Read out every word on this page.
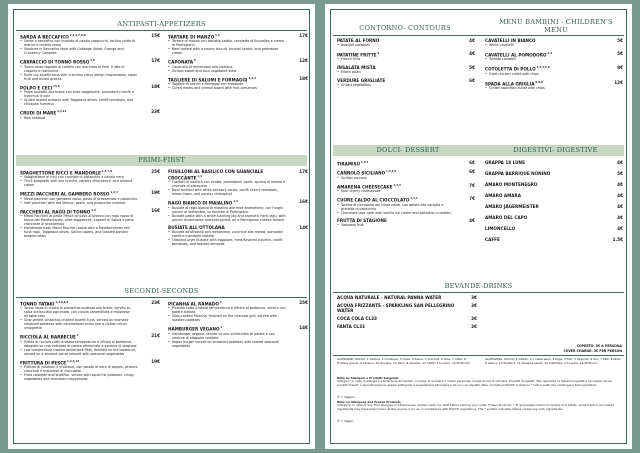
ANTIPASTI-APPETIZERS
SARDA A BECCAFICO $^{1,2,4,7,8,9}$	15€
• Sarde a beccafico con insalata di cavolo cappuccio, tortino caldo di arance e mirtillo rosso
• Sardines in Beccafico style with Cabbage Salad, Orange and Cranberry Compote
CARPACCIO DI TONNO ROSSO $^{4,8}$	17€
• Tonno rosso tagliato al coltello con marinata al lime, frutto di cappero e rosmarino
• Knife cut bluefin tuna with a sicilian citrus lemon mayonnaise, caper fruit and mixed greens
POLPO E CECI $^{14,9}$	18€
• Polpo scottato alla brace con olive taggiasche, pomodorini confit e hummus di ceci
• Grilled seared octopus with Taggiasca olives, confit tomatoes, and chickpea hummus
CRUDI DI MARE $^{2,4,14}$	23€
• Raw seafood
TARTARE DI MANZO $^{3,4}$	17€
• Tartare di manzo con biscotto salato, cavoletto di Bruxelles e crema di Parmigiano
• Beef tartare with a savory biscuit, brussel sprout, and parmesan cream
CAPONATA $^9$	12€
• Caponata di melanzane alla siciliana
• Sicilian sweet and sour vegetable stew
TAGLIERE DI SALUMI E FORMAGGI $^{1,3,4}$	18€
• Tagliere di salumi e formaggi con mostarde
• Cured meats and cheese board with fruit preserves
PRIMI-FIRST
SPAGHETTONE RICCI E MANDORLE $^{1,4,7,8}$	25€
• Spaghettone ai ricci con crumble di pistacchio e cavolo nero
• Thick spaghetti with sea urchins, parsley chlorophyll, and almond cream
MEZZI PACCHERI AL GAMBERO ROSSO $^{1,2,4}$	19€
• Mezzi paccheri con gambero rosso, pesto di prezzemolo e pistacchio
• Half pacchieri with red shrimp, pesto, and pistacchio crumble
PACCHERI AL RAGÙ DI TONNO $^{1,4}$	16€
• Mezzi Paccheri di pasta fresca all'uovo al bronzo con ragù rosso di tonno del Mediterraneo, olive taggiasche, capperi di Salina e pane croccante al prezzemolo
• Handmade fresh Mezzi Paccheri pasta with a Mediterranean red tuna ragù, Taggiasca olives, Salina capers, and toasted parsley breadcrumbs
FUSILLONI AL BASILICO CON GUANCIALE CROCCANTE $^{1,4}$
17€
• Fusilloni al basilico con ricotta, pomodorini confit, spuma di limone e crumble di pistacchio
• Basil fusilloni with white anchovy sauce, confit cherry tomatoes, lemon foam, and parsley chlorophyll
RAGÙ BIANCO DI MAIALINO $^{1,4}$	16€
• Busiate al ragù bianco di maialino alle erbe aromatiche, con funghi porcini al settembre, su fonduta di Parmigiano
• Busiate pasta with a white suckling pig and aromatic herb ragù, with porcini mushrooms charcoal-grilled, on a Parmigiano cheese fondue
BUSIATE ALL'OTTOLANA	14€
• Busiate all'ottolana con melanzane, zucchine alla menta, pomodori confit e mandorle tostate
• Ottolana-style Busiate with eggplant, mint-flavored zucchini, confit tomatoes, and toasted almonds
SECONDI-SECONDS
TONNO TATAKI $^{1,4,6,8,9}$	23€
• Tonno rosso in crosta di pistacchio scottato alla brace, servito su salsa schiacciata agrumata, con cipolla caramellata e maionese all'aglio nero
• Char-grilled, pistachio-crusted bluefin tuna, served on aromatic smashed potatoes with caramelized onion and a sicilian citrus vinaigrette
RICCIOLA AL BARBECUE $^4$	21€
• Filetto di ricciola cotto a bassa temperatura e rifinito al barbecue, adagiato su una vellutata di carota affumicata e verdure di stagione
• Low temperature cooked amberjack fillet, finished on the barbecue, served on a smoked carrot velouté with seasonal vegetables
FRITTURA DI PESCE $^{1,2,4,14}$	19€
• Frittura di calamari e crostacei, con patate al nero di seppia, verdure croccanti e maionese al cioccolato
• Fried calamari and shellfish, served with squid ink potatoes, crispy vegetables and chocolate mayonnaise
PICANHA AL RAMADO $^7$	25€
• Picanha cotta a bassa temperatura e rifinita al barbecue, servito con patate arrosto
• Slow-cooked Picanha, finished on the charcoal grill, served with roasted potatoes
HAMBURGER VEGANO $^1$	14€
• Hamburger vegano, servito su una schiacciata di patate e con verdure di stagione scottate
• Vegan burger served on smashed potatoes with seared seasonal vegetables
CONTORNO- CONTOURS
MENU BAMBINI - CHILDREN'S MENU
PATATE AL FORNO	4€
• Roasted potatoes
PATATINE FRITTE $^9$	4€
• French fries
INSALATA MISTA	5€
• Mixed salad
VERDURE GRIGLIATE	6€
• Grilled vegetables
CAVATELLI IN BIANCO	5€
• White cavatelli
CAVATELLI AL POMODORO $^{1,4}$	5€
• Tomato cavatelli
COTOLETTA DI POLLO $^{1,3,4,5,6}$	8€
• Fried chicken cutlet with chips
SPADA ALLA GRIGLIA $^{4,8,9}$	12€
• Grilled swordfish cutlet with chips
DOLCI- DESSERT	DIGESTIVI- DIGESTIVE
TIRAMISÙ $^{1,3,4}$	6€
CANNOLO SICILIANO $^{1,3,4,8}$	6€
• Sicilian cannolo
AMARENA CHEESECAKE $^{1,3,4}$	7€
• Sour cherry cheesecake
CUORE CALDO AL CIOCCOLATO $^{1,3,4}$	7€
• Tortino al cioccolato dal cuore caldo, con gelato alla vaniglia e granella di pistacchio
• Chocolate lava cake with vanilla ice cream and pistachio crumbles
FRUTTA DI STAGIONE	4€
• Seasonal fruit
GRAPPA 18 LUNE	4€
GRAPPA BARRIQUE NONINO	5€
AMARO MONTENEGRO	4€
AMARO AMARA	4€
AMARO JÄGERMEISTER	4€
AMARO DEL CAPO	4€
LIMONCELLO	4€
CAFFÈ	1.5€
BEVANDE-DRINKS
ACQUA NATURALE - NATURAL PANNA WATER	3€
ACQUA FRIZZANTE - SPARKLING SAN PELLEGRINO WATER
3€
COCA COLA CL33	3€
FANTA CL33	3€
COPERTO: 3€ A PERSONA
COVER CHARGE: 3€ PER PERSON
ALLERGENI, HACCP: 1 Glutine, 2 Crostacei, 3 Uova, 4 Pesce, 5 Arachidi, 6 Soia, 7 Latte, 8 Frutta a guscio, 9 Sedano, 10 Senape, 11 Semi di sesamo, 12 Solfiti, 13 Lupini, 14 Molluschi.
ALLERGENS, HACCP: 1 Gluten, 2 Crustaceans, 3 Eggs, 4 Fish, 5 Peanuts, 6 Soy, 7 Milk, 8 Nuts, 9 Celery, 10 Mustard, 11 Sesame seeds, 12 Sulphites, 13 Lupins, 14 Molluscs.
Nota su Allergeni e Prodotti Surgelati
Allergeni: in caso di allergie o intolleranze alimentari, si prega di avvisare il nostro personale di sala prima di ordinare. Prodotti Surgelati: *Per garantire la massima qualità e sicurezza, alcuni prodotti freschi o lavorati possono essere sottoposti a surgelazione all'origine o da noi, nel rispetto della normativa HACCP. Il simbolo * indica piatti che contengono tali ingredienti.
Ⓥ = Vegano.
Note on Allergens and Frozen Products
Allergens: In case of any food allergies or intolerances, please notify our staff before placing your order. Frozen Products: * To guarantee maximum quality and safety, some fresh or processed ingredients may have been frozen at the source or by us, in compliance with HACCP regulations. The * symbol indicates dishes containing such ingredients.
Ⓥ = Vegan.
